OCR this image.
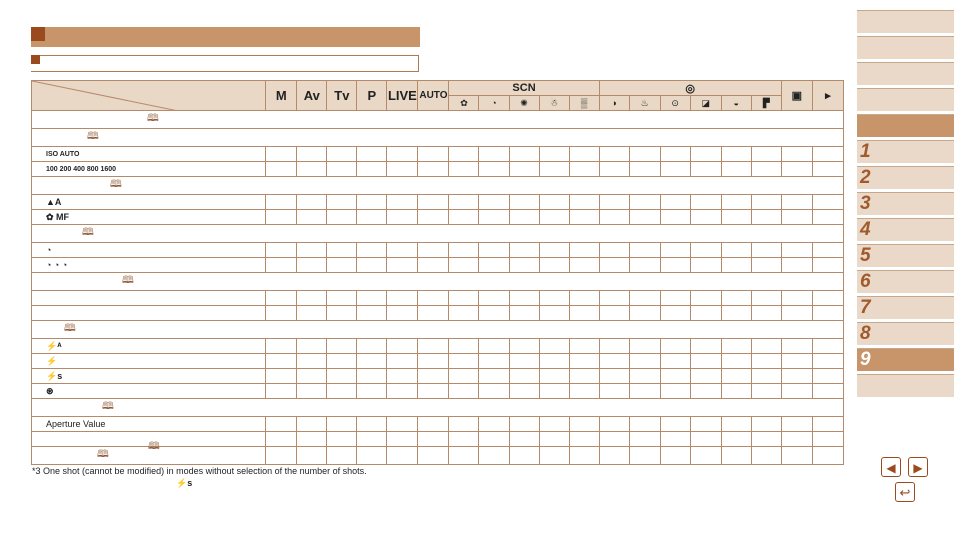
	M	Av	Tv	P	LIVE	AUTO	SCN					◎						▣	▸
							✿	◔	✺	☃	▒	◑	♨	⊙	◪	◒	▛		
🕮																			
🕮																			
ISO AUTO																			
100 200 400 800 1600																			
🕮																			
▲A																			
✿ MF																			
🕮																			
◔																			
◔ ◔ ◔																			
🕮																			

🕮																			
⚡ᴬ																			
⚡																			
⚡s																			
⊛																			
🕮																			
Aperture Value																			

🕮																			
🕮
*3 One shot (cannot be modified) in modes without selection of the number of shots.
⚡s
1
2
3
4
5
6
7
8
9
◀	▶
↩
